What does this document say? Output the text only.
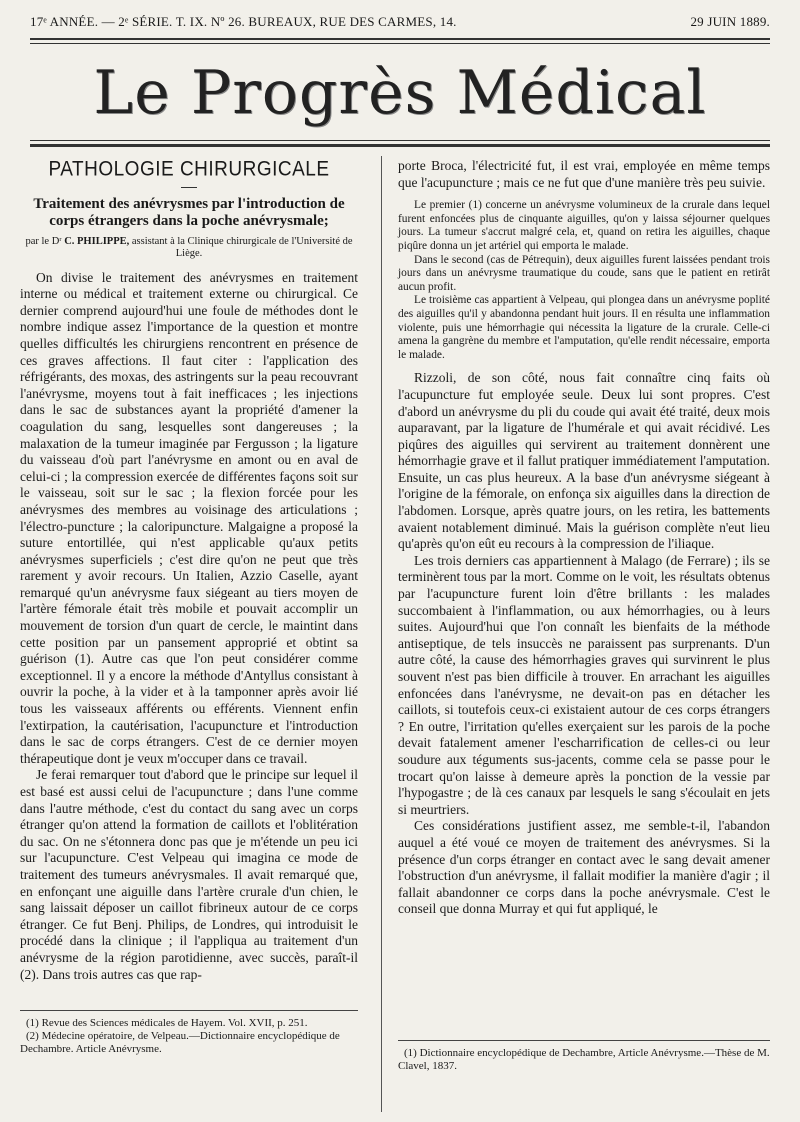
17ᵉ ANNÉE. — 2ᵉ SÉRIE. T. IX. Nº 26. BUREAUX, RUE DES CARMES, 14.	29 JUIN 1889.
Le Progrès Médical
PATHOLOGIE CHIRURGICALE
Traitement des anévrysmes par l'introduction de corps étrangers dans la poche anévrysmale;
par le Dʳ C. PHILIPPE, assistant à la Clinique chirurgicale de l'Université de Liège.

On divise le traitement des anévrysmes en traitement interne ou médical et traitement externe ou chirurgical. Ce dernier comprend aujourd'hui une foule de méthodes dont le nombre indique assez l'importance de la question et montre quelles difficultés les chirurgiens rencontrent en présence de ces graves affections. Il faut citer : l'application des réfrigérants, des moxas, des astringents sur la peau recouvrant l'anévrysme, moyens tout à fait inefficaces ; les injections dans le sac de substances ayant la propriété d'amener la coagulation du sang, lesquelles sont dangereuses ; la malaxation de la tumeur imaginée par Fergusson ; la ligature du vaisseau d'où part l'anévrysme en amont ou en aval de celui-ci ; la compression exercée de différentes façons soit sur le vaisseau, soit sur le sac ; la flexion forcée pour les anévrysmes des membres au voisinage des articulations ; l'électro-puncture ; la caloripuncture. Malgaigne a proposé la suture entortillée, qui n'est applicable qu'aux petits anévrysmes superficiels ; c'est dire qu'on ne peut que très rarement y avoir recours. Un Italien, Azzio Caselle, ayant remarqué qu'un anévrysme faux siégeant au tiers moyen de l'artère fémorale était très mobile et pouvait accomplir un mouvement de torsion d'un quart de cercle, le maintint dans cette position par un pansement approprié et obtint sa guérison (1). Autre cas que l'on peut considérer comme exceptionnel. Il y a encore la méthode d'Antyllus consistant à ouvrir la poche, à la vider et à la tamponner après avoir lié tous les vaisseaux afférents ou efférents. Viennent enfin l'extirpation, la cautérisation, l'acupuncture et l'introduction dans le sac de corps étrangers. C'est de ce dernier moyen thérapeutique dont je veux m'occuper dans ce travail.

Je ferai remarquer tout d'abord que le principe sur lequel il est basé est aussi celui de l'acupuncture ; dans l'une comme dans l'autre méthode, c'est du contact du sang avec un corps étranger qu'on attend la formation de caillots et l'oblitération du sac. On ne s'étonnera donc pas que je m'étende un peu ici sur l'acupuncture. C'est Velpeau qui imagina ce mode de traitement des tumeurs anévrysmales. Il avait remarqué que, en enfonçant une aiguille dans l'artère crurale d'un chien, le sang laissait déposer un caillot fibrineux autour de ce corps étranger. Ce fut Benj. Philips, de Londres, qui introduisit le procédé dans la clinique ; il l'appliqua au traitement d'un anévrysme de la région parotidienne, avec succès, paraît-il (2). Dans trois autres cas que rap-

porte Broca, l'électricité fut, il est vrai, employée en même temps que l'acupuncture ; mais ce ne fut que d'une manière très peu suivie.

Le premier (1) concerne un anévrysme volumineux de la crurale dans lequel furent enfoncées plus de cinquante aiguilles, qu'on y laissa séjourner quelques jours. La tumeur s'accrut malgré cela, et, quand on retira les aiguilles, chaque piqûre donna un jet artériel qui emporta le malade.

Dans le second (cas de Pétrequin), deux aiguilles furent laissées pendant trois jours dans un anévrysme traumatique du coude, sans que le patient en retirât aucun profit.

Le troisième cas appartient à Velpeau, qui plongea dans un anévrysme poplité des aiguilles qu'il y abandonna pendant huit jours. Il en résulta une inflammation violente, puis une hémorrhagie qui nécessita la ligature de la crurale. Celle-ci amena la gangrène du membre et l'amputation, qu'elle rendit nécessaire, emporta le malade.

Rizzoli, de son côté, nous fait connaître cinq faits où l'acupuncture fut employée seule. Deux lui sont propres. C'est d'abord un anévrysme du pli du coude qui avait été traité, deux mois auparavant, par la ligature de l'humérale et qui avait récidivé. Les piqûres des aiguilles qui servirent au traitement donnèrent une hémorrhagie grave et il fallut pratiquer immédiatement l'amputation. Ensuite, un cas plus heureux. A la base d'un anévrysme siégeant à l'origine de la fémorale, on enfonça six aiguilles dans la direction de l'abdomen. Lorsque, après quatre jours, on les retira, les battements avaient notablement diminué. Mais la guérison complète n'eut lieu qu'après qu'on eût eu recours à la compression de l'iliaque.

Les trois derniers cas appartiennent à Malago (de Ferrare) ; ils se terminèrent tous par la mort. Comme on le voit, les résultats obtenus par l'acupuncture furent loin d'être brillants : les malades succombaient à l'inflammation, ou aux hémorrhagies, ou à leurs suites. Aujourd'hui que l'on connaît les bienfaits de la méthode antiseptique, de tels insuccès ne paraissent pas surprenants. D'un autre côté, la cause des hémorrhagies graves qui survinrent le plus souvent n'est pas bien difficile à trouver. En arrachant les aiguilles enfoncées dans l'anévrysme, ne devait-on pas en détacher les caillots, si toutefois ceux-ci existaient autour de ces corps étrangers ? En outre, l'irritation qu'elles exerçaient sur les parois de la poche devait fatalement amener l'escharrification de celles-ci ou leur soudure aux téguments sus-jacents, comme cela se passe pour le trocart qu'on laisse à demeure après la ponction de la vessie par l'hypogastre ; de là ces canaux par lesquels le sang s'écoulait en jets si meurtriers.

Ces considérations justifient assez, me semble-t-il, l'abandon auquel a été voué ce moyen de traitement des anévrysmes. Si la présence d'un corps étranger en contact avec le sang devait amener l'obstruction d'un anévrysme, il fallait modifier la manière d'agir ; il fallait abandonner ce corps dans la poche anévrysmale. C'est le conseil que donna Murray et qui fut appliqué, le

(1) Revue des Sciences médicales de Hayem. Vol. XVII, p. 251.
(2) Médecine opératoire, de Velpeau.—Dictionnaire encyclopédique de Dechambre. Article Anévrysme.	(1) Dictionnaire encyclopédique de Dechambre, Article Anévrysme.—Thèse de M. Clavel, 1837.
